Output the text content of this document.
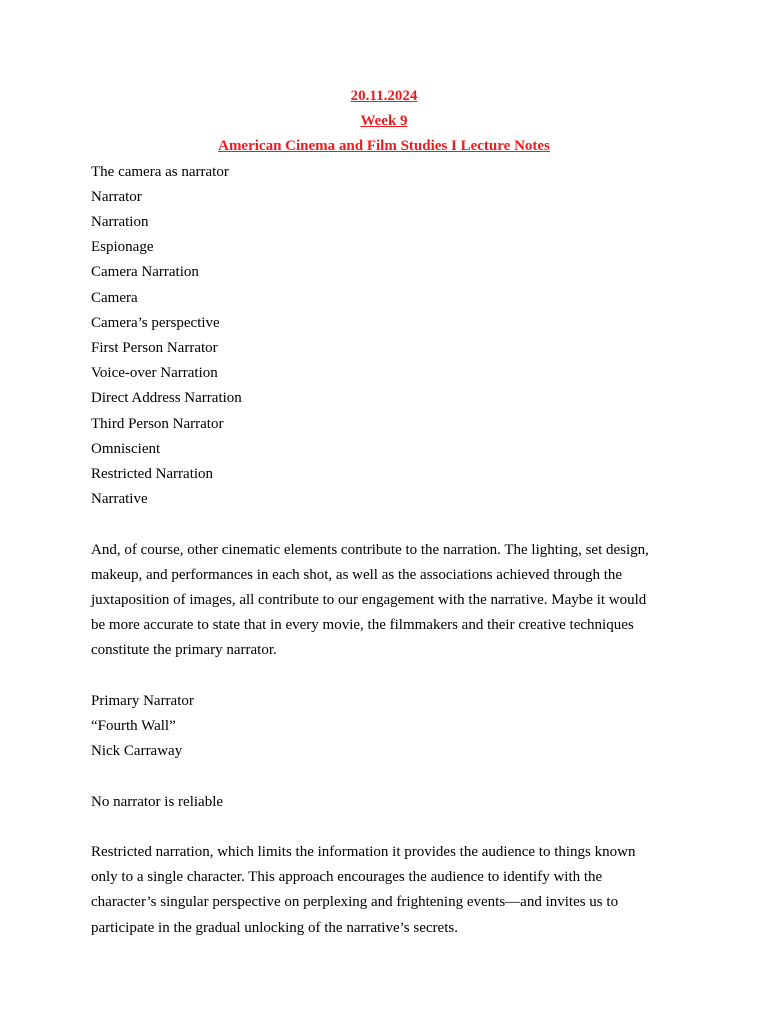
20.11.2024

Week 9

American Cinema and Film Studies I Lecture Notes

The camera as narrator

Narrator

Narration

Espionage

Camera Narration

Camera

Camera’s perspective

First Person Narrator

Voice-over Narration

Direct Address Narration

Third Person Narrator

Omniscient

Restricted Narration

Narrative

And, of course, other cinematic elements contribute to the narration. The lighting, set design,
makeup, and performances in each shot, as well as the associations achieved through the
juxtaposition of images, all contribute to our engagement with the narrative. Maybe it would
be more accurate to state that in every movie, the filmmakers and their creative techniques
constitute the primary narrator.

Primary Narrator

“Fourth Wall”

Nick Carraway

No narrator is reliable

Restricted narration, which limits the information it provides the audience to things known
only to a single character. This approach encourages the audience to identify with the
character’s singular perspective on perplexing and frightening events—and invites us to
participate in the gradual unlocking of the narrative’s secrets.
